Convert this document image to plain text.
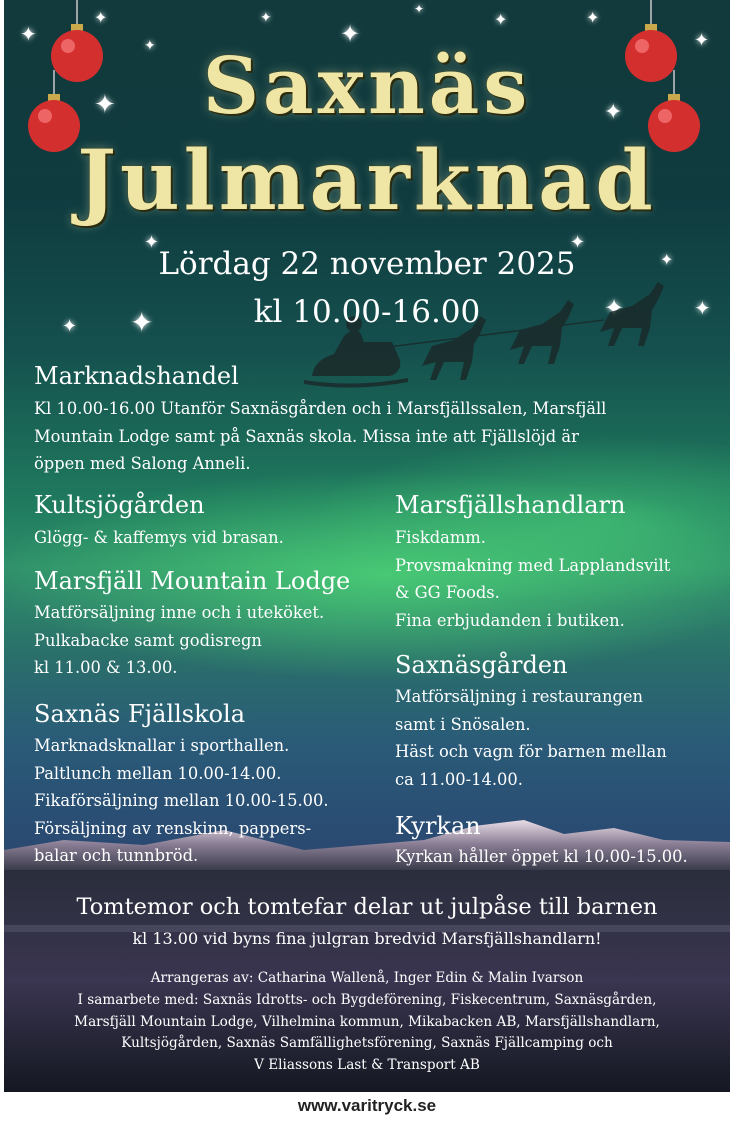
✦
✦
✦
✦
✦
✦
✦
✦	✦
✦
✦
✦	✦
✦
✦ ✦	✦	✦
Saxnäs
Julmarknad
Lördag 22 november 2025
kl 10.00-16.00
Marknadshandel
Kl 10.00-16.00 Utanför Saxnäsgården och i Marsfjällssalen, Marsfjäll
Mountain Lodge samt på Saxnäs skola. Missa inte att Fjällslöjd är
öppen med Salong Anneli.
Kultsjögården
Glögg- & kaffemys vid brasan.
Marsfjäll Mountain Lodge
Matförsäljning inne och i uteköket.
Pulkabacke samt godisregn
kl 11.00 & 13.00.
Saxnäs Fjällskola
Marknadsknallar i sporthallen.
Paltlunch mellan 10.00-14.00.
Fikaförsäljning mellan 10.00-15.00.
Försäljning av renskinn, pappers-
balar och tunnbröd.
Marsfjällshandlarn
Fiskdamm.
Provsmakning med Lapplandsvilt
& GG Foods.
Fina erbjudanden i butiken.
Saxnäsgården
Matförsäljning i restaurangen
samt i Snösalen.
Häst och vagn för barnen mellan
ca 11.00-14.00.
Kyrkan
Kyrkan håller öppet kl 10.00-15.00.
Tomtemor och tomtefar delar ut julpåse till barnen
kl 13.00 vid byns fina julgran bredvid Marsfjällshandlarn!
Arrangeras av: Catharina Wallenå, Inger Edin & Malin Ivarson
I samarbete med: Saxnäs Idrotts- och Bygdeförening, Fiskecentrum, Saxnäsgården,
Marsfjäll Mountain Lodge, Vilhelmina kommun, Mikabacken AB, Marsfjällshandlarn,
Kultsjögården, Saxnäs Samfällighetsförening, Saxnäs Fjällcamping och
V Eliassons Last & Transport AB
www.varitryck.se
